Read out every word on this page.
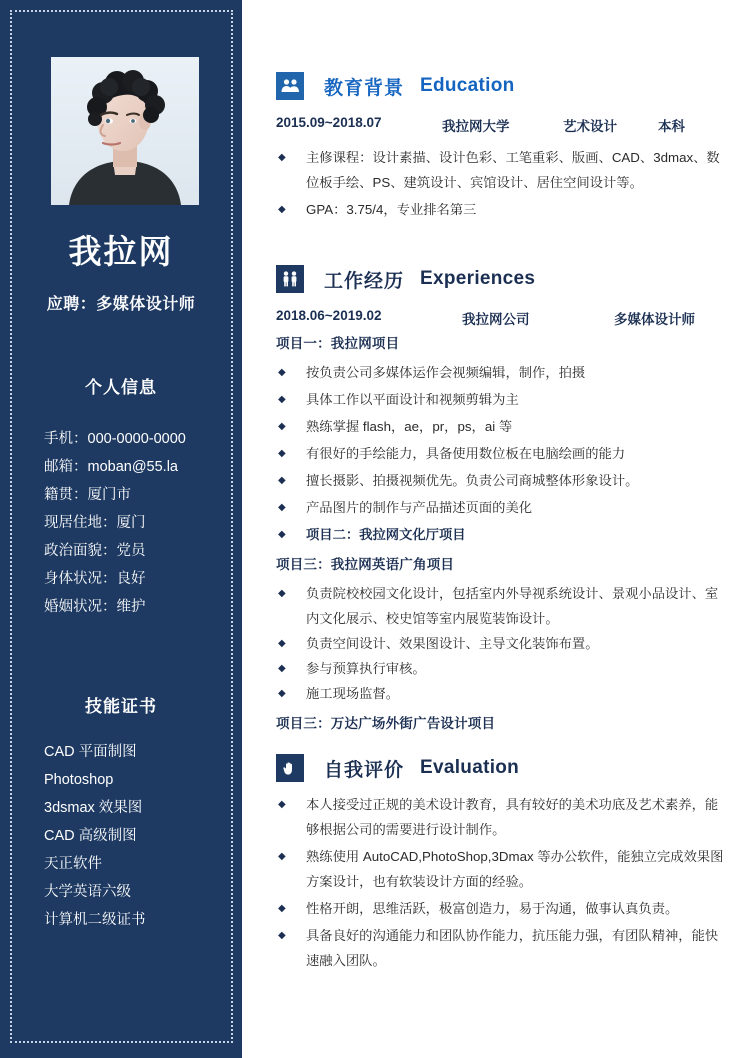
我拉网
应聘：多媒体设计师
个人信息
手机：000-0000-0000
邮箱：moban@55.la
籍贯：厦门市
现居住地：厦门
政治面貌：党员
身体状况：良好
婚姻状况：维护
技能证书
CAD 平面制图
Photoshop
3dsmax 效果图
CAD 高级制图
天正软件
大学英语六级
计算机二级证书
教育背景 Education
2015.09~2018.07	我拉网大学	艺术设计	本科
◆ 主修课程：设计素描、设计色彩、工笔重彩、版画、CAD、3dmax、数位板手绘、PS、建筑设计、宾馆设计、居住空间设计等。
◆ GPA：3.75/4，专业排名第三
工作经历 Experiences
2018.06~2019.02	我拉网公司	多媒体设计师
项目一：我拉网项目
◆ 按负责公司多媒体运作会视频编辑，制作，拍摄
◆ 具体工作以平面设计和视频剪辑为主
◆ 熟练掌握 flash，ae，pr，ps，ai 等
◆ 有很好的手绘能力，具备使用数位板在电脑绘画的能力
◆ 擅长摄影、拍摄视频优先。负责公司商城整体形象设计。
◆ 产品图片的制作与产品描述页面的美化
◆ 项目二：我拉网文化厅项目
项目三：我拉网英语广角项目
◆ 负责院校校园文化设计，包括室内外导视系统设计、景观小品设计、室内文化展示、校史馆等室内展览装饰设计。
◆ 负责空间设计、效果图设计、主导文化装饰布置。
◆ 参与预算执行审核。
◆ 施工现场监督。
项目三：万达广场外街广告设计项目
自我评价 Evaluation
◆ 本人接受过正规的美术设计教育，具有较好的美术功底及艺术素养，能够根据公司的需要进行设计制作。
◆ 熟练使用 AutoCAD,PhotoShop,3Dmax 等办公软件，能独立完成效果图方案设计，也有软装设计方面的经验。
◆ 性格开朗，思维活跃，极富创造力，易于沟通，做事认真负责。
◆ 具备良好的沟通能力和团队协作能力，抗压能力强，有团队精神，能快速融入团队。
